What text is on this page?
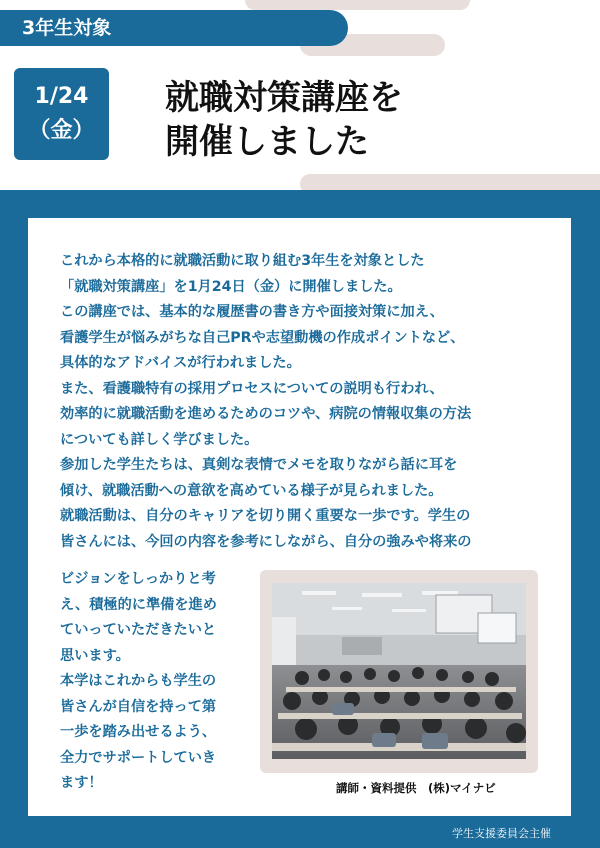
3年生対象
1/24
（金）
就職対策講座を
開催しました

これから本格的に就職活動に取り組む3年生を対象とした
「就職対策講座」を1月24日（金）に開催しました。
この講座では、基本的な履歴書の書き方や面接対策に加え、
看護学生が悩みがちな自己PRや志望動機の作成ポイントなど、
具体的なアドバイスが行われました。
また、看護職特有の採用プロセスについての説明も行われ、
効率的に就職活動を進めるためのコツや、病院の情報収集の方法
についても詳しく学びました。
参加した学生たちは、真剣な表情でメモを取りながら話に耳を
傾け、就職活動への意欲を高めている様子が見られました。
就職活動は、自分のキャリアを切り開く重要な一歩です。学生の
皆さんには、今回の内容を参考にしながら、自分の強みや将来の

ビジョンをしっかりと考
え、積極的に準備を進め
ていっていただきたいと
思います。
本学はこれからも学生の
皆さんが自信を持って第
一歩を踏み出せるよう、
全力でサポートしていき
ます！	講師・資料提供　(株)マイナビ

学生支援委員会主催
